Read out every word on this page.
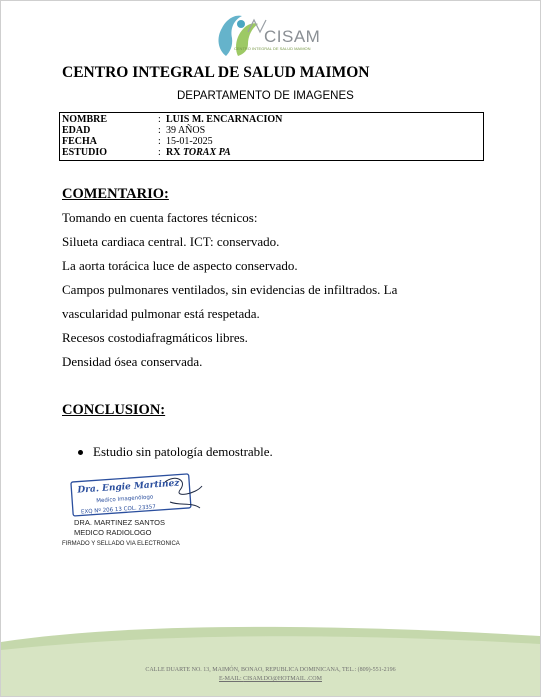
CISAM
CENTRO INTEGRAL DE SALUD MAIMON
CENTRO INTEGRAL DE SALUD MAIMON
DEPARTAMENTO DE IMAGENES
NOMBRE	: LUIS M. ENCARNACION
EDAD	: 39 AÑOS
FECHA	: 15-01-2025
ESTUDIO	: RX TORAX PA
COMENTARIO:
Tomando en cuenta factores técnicos:
Silueta cardiaca central. ICT: conservado.
La aorta torácica luce de aspecto conservado.
Campos pulmonares ventilados, sin evidencias de infiltrados. La
vascularidad pulmonar está respetada.
Recesos costodiafragmáticos libres.
Densidad ósea conservada.
CONCLUSION:
Estudio sin patología demostrable.
Dra. Engie Martinez
Medico Imagenólogo
EXQ Nº 206 13 COL. 23357
DRA. MARTINEZ SANTOS
MEDICO RADIOLOGO
FIRMADO Y SELLADO VIA ELECTRONICA
CALLE DUARTE NO. 13, MAIMÓN, BONAO, REPUBLICA DOMINICANA, TEL.: (809)-551-2196
E-MAIL: CISAM.DO@HOTMAIL .COM
